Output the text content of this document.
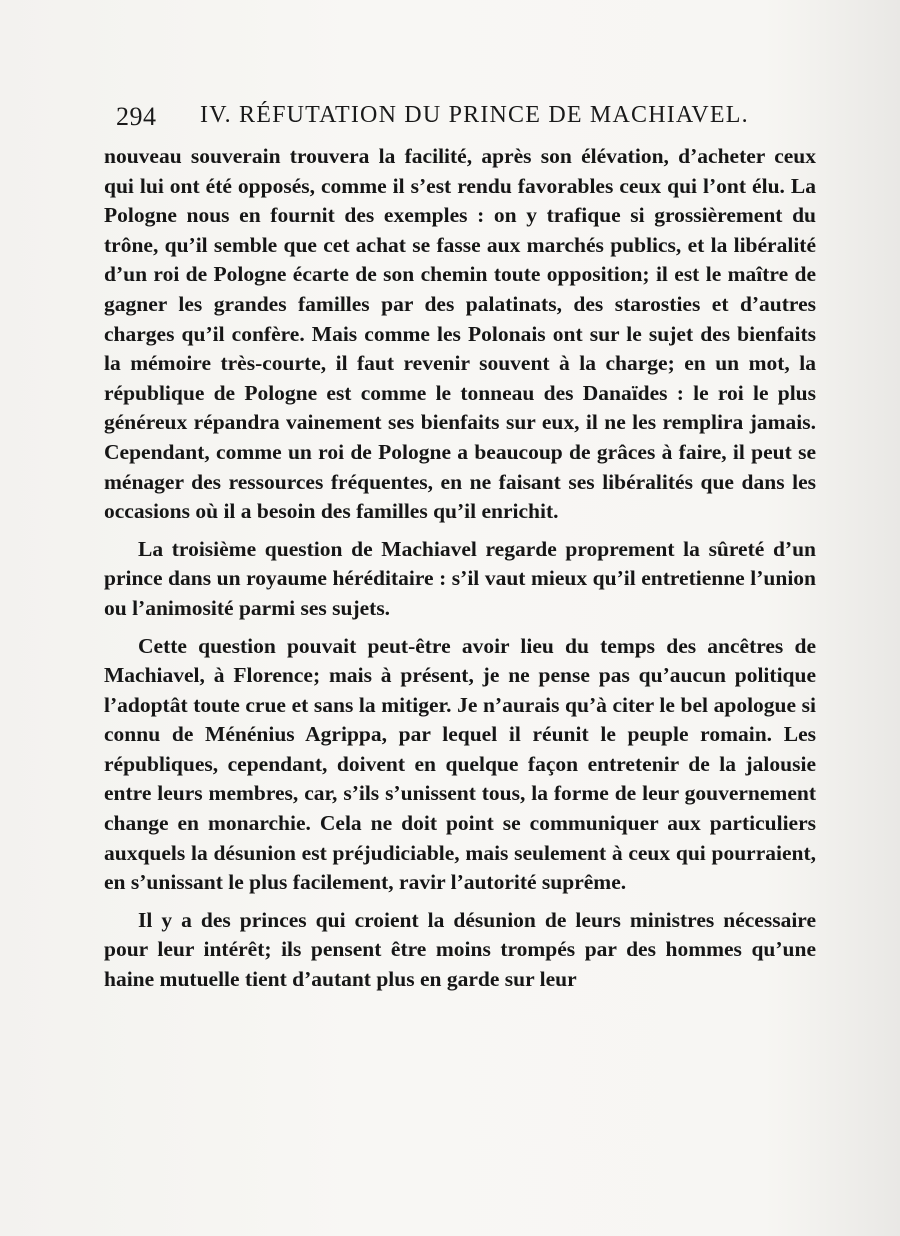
294 IV. RÉFUTATION DU PRINCE DE MACHIAVEL.

nouveau souverain trouvera la facilité, après son élévation, d’acheter ceux qui lui ont été opposés, comme il s’est rendu favorables ceux qui l’ont élu. La Pologne nous en fournit des exemples : on y trafique si grossièrement du trône, qu’il semble que cet achat se fasse aux marchés publics, et la libéralité d’un roi de Pologne écarte de son chemin toute opposition; il est le maître de gagner les grandes familles par des palatinats, des starosties et d’autres charges qu’il confère. Mais comme les Polonais ont sur le sujet des bienfaits la mémoire très-courte, il faut revenir souvent à la charge; en un mot, la république de Pologne est comme le tonneau des Danaïdes : le roi le plus généreux répandra vainement ses bienfaits sur eux, il ne les remplira jamais. Cependant, comme un roi de Pologne a beaucoup de grâces à faire, il peut se ménager des ressources fréquentes, en ne faisant ses libéralités que dans les occasions où il a besoin des familles qu’il enrichit.

La troisième question de Machiavel regarde proprement la sûreté d’un prince dans un royaume héréditaire : s’il vaut mieux qu’il entretienne l’union ou l’animosité parmi ses sujets.

Cette question pouvait peut-être avoir lieu du temps des ancêtres de Machiavel, à Florence; mais à présent, je ne pense pas qu’aucun politique l’adoptât toute crue et sans la mitiger. Je n’aurais qu’à citer le bel apologue si connu de Ménénius Agrippa, par lequel il réunit le peuple romain. Les républiques, cependant, doivent en quelque façon entretenir de la jalousie entre leurs membres, car, s’ils s’unissent tous, la forme de leur gouvernement change en monarchie. Cela ne doit point se communiquer aux particuliers auxquels la désunion est préjudiciable, mais seulement à ceux qui pourraient, en s’unissant le plus facilement, ravir l’autorité suprême.

Il y a des princes qui croient la désunion de leurs ministres nécessaire pour leur intérêt; ils pensent être moins trompés par des hommes qu’une haine mutuelle tient d’autant plus en garde sur leur
